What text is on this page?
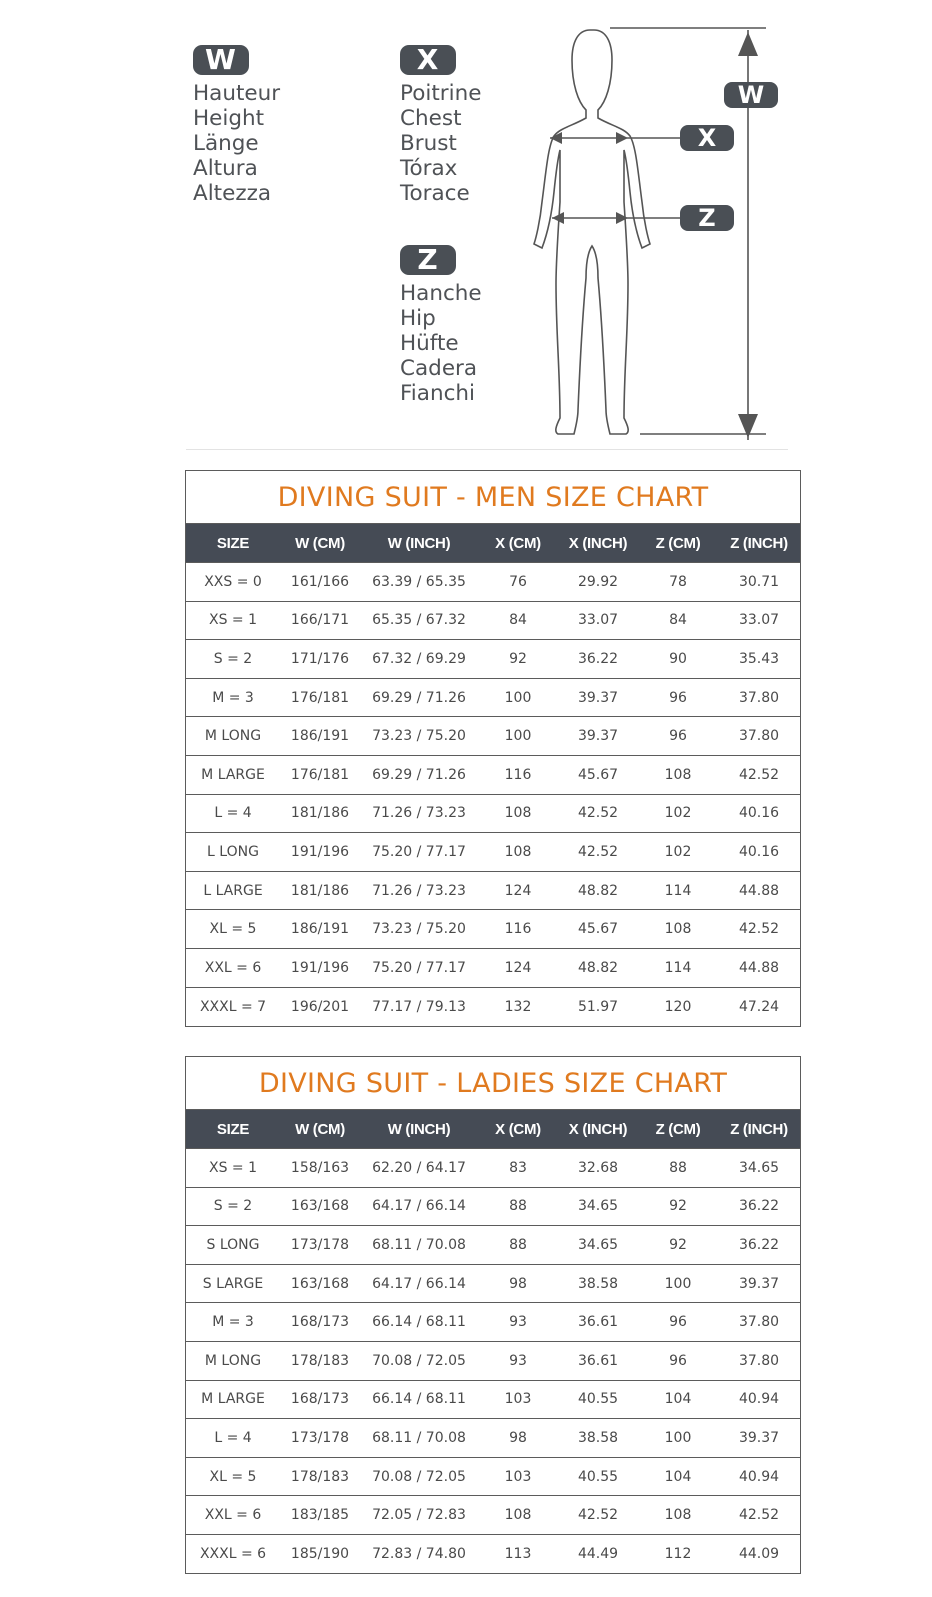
W
Hauteur
Height
Länge
Altura
Altezza
X
Poitrine
Chest
Brust
Tórax
Torace
Z
Hanche
Hip
Hüfte
Cadera
Fianchi
W
X
Z
DIVING SUIT - MEN SIZE CHART
SIZE	W (CM)	W (INCH)	X (CM)	X (INCH)	Z (CM)	Z (INCH)
XXS = 0	161/166	63.39 / 65.35	76	29.92	78	30.71
XS = 1	166/171	65.35 / 67.32	84	33.07	84	33.07
S = 2	171/176	67.32 / 69.29	92	36.22	90	35.43
M = 3	176/181	69.29 / 71.26	100	39.37	96	37.80
M LONG	186/191	73.23 / 75.20	100	39.37	96	37.80
M LARGE	176/181	69.29 / 71.26	116	45.67	108	42.52
L = 4	181/186	71.26 / 73.23	108	42.52	102	40.16
L LONG	191/196	75.20 / 77.17	108	42.52	102	40.16
L LARGE	181/186	71.26 / 73.23	124	48.82	114	44.88
XL = 5	186/191	73.23 / 75.20	116	45.67	108	42.52
XXL = 6	191/196	75.20 / 77.17	124	48.82	114	44.88
XXXL = 7	196/201	77.17 / 79.13	132	51.97	120	47.24
DIVING SUIT - LADIES SIZE CHART
SIZE	W (CM)	W (INCH)	X (CM)	X (INCH)	Z (CM)	Z (INCH)
XS = 1	158/163	62.20 / 64.17	83	32.68	88	34.65
S = 2	163/168	64.17 / 66.14	88	34.65	92	36.22
S LONG	173/178	68.11 / 70.08	88	34.65	92	36.22
S LARGE	163/168	64.17 / 66.14	98	38.58	100	39.37
M = 3	168/173	66.14 / 68.11	93	36.61	96	37.80
M LONG	178/183	70.08 / 72.05	93	36.61	96	37.80
M LARGE	168/173	66.14 / 68.11	103	40.55	104	40.94
L = 4	173/178	68.11 / 70.08	98	38.58	100	39.37
XL = 5	178/183	70.08 / 72.05	103	40.55	104	40.94
XXL = 6	183/185	72.05 / 72.83	108	42.52	108	42.52
XXXL = 6	185/190	72.83 / 74.80	113	44.49	112	44.09
